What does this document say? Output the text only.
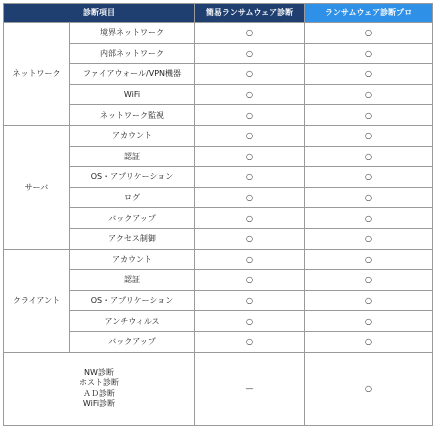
診断項目		簡易ランサムウェア診断	ランサムウェア診断プロ
ネットワーク	境界ネットワーク	○	○
	内部ネットワーク	○	○
	ファイアウォール/VPN機器	○	○
	WiFi	○	○
	ネットワーク監視	○	○
サーバ	アカウント	○	○
	認証	○	○
	OS・アプリケーション	○	○
	ログ	○	○
	バックアップ	○	○
	アクセス制御	○	○
クライアント	アカウント	○	○
	認証	○	○
	OS・アプリケーション	○	○
	アンチウィルス	○	○
	バックアップ	○	○

NW診断
ホスト診断
ＡＤ診断
WiFi診断		—	○
